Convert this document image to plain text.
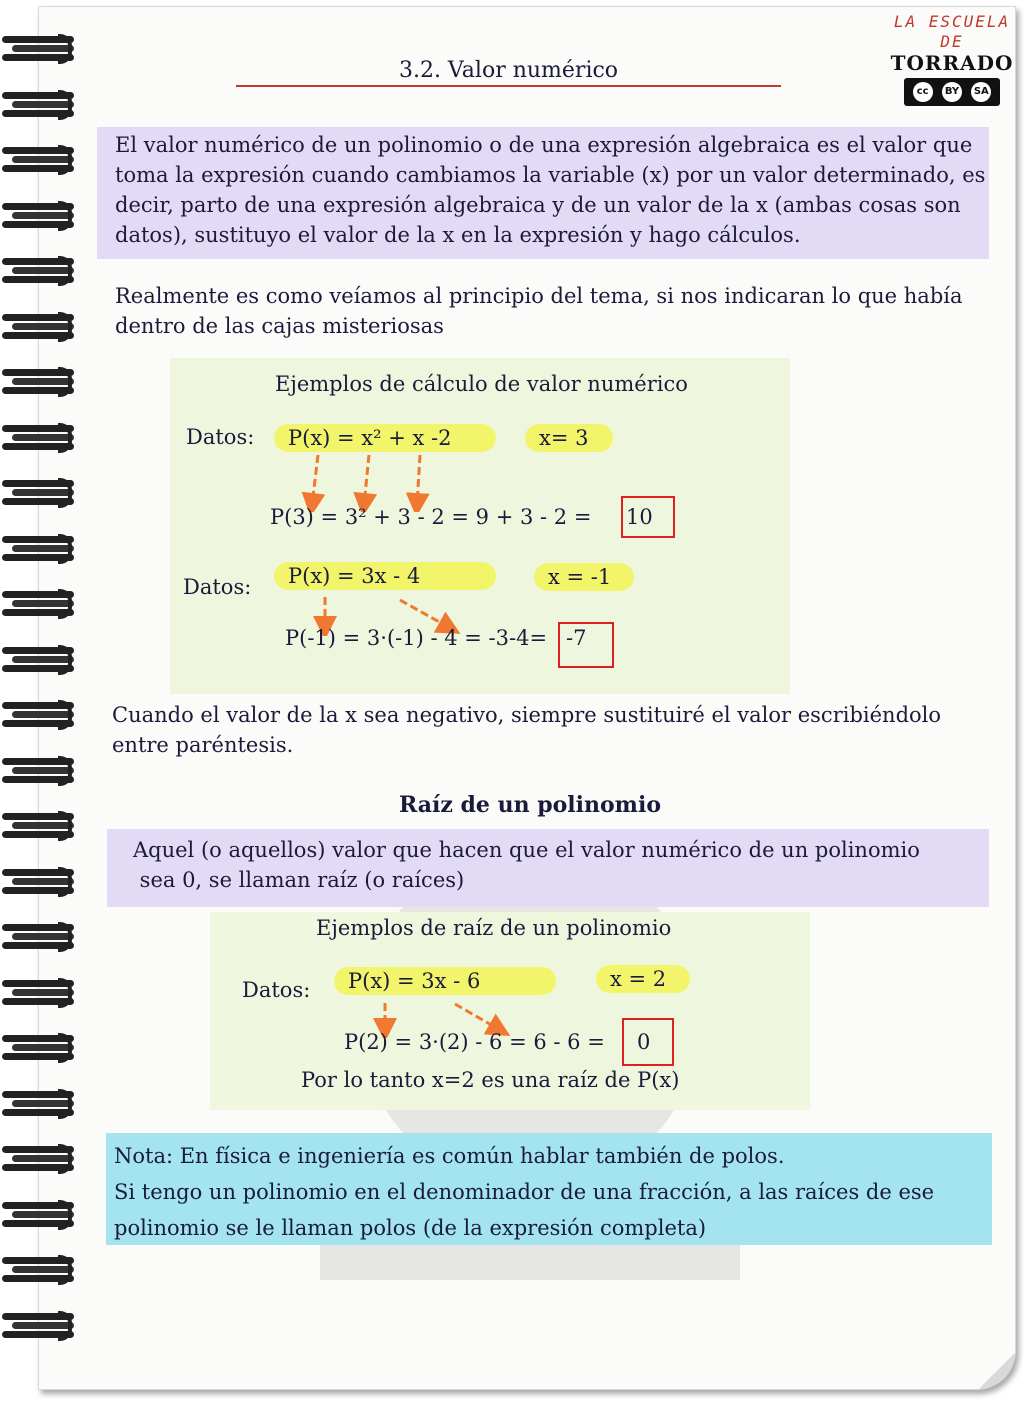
3.2. Valor numérico
LA ESCUELA
DE
TORRADO
cc	BY SA
El valor numérico de un polinomio o de una expresión algebraica es el valor que
toma la expresión cuando cambiamos la variable (x) por un valor determinado, es
decir, parto de una expresión algebraica y de un valor de la x (ambas cosas son
datos), sustituyo el valor de la x en la expresión y hago cálculos.
Realmente es como veíamos al principio del tema, si nos indicaran lo que había
dentro de las cajas misteriosas
Ejemplos de cálculo de valor numérico
Datos:	P(x) = x² + x -2	x= 3
P(3) = 3² + 3 - 2 = 9 + 3 - 2 = 10
Datos:	P(x) = 3x - 4	x = -1
P(-1) = 3·(-1) - 4 = -3-4= -7
Cuando el valor de la x sea negativo, siempre sustituiré el valor escribiéndolo
entre paréntesis.
Raíz de un polinomio
Aquel (o aquellos) valor que hacen que el valor numérico de un polinomio
sea 0, se llaman raíz (o raíces)
Ejemplos de raíz de un polinomio
Datos:	P(x) = 3x - 6	x = 2
P(2) = 3·(2) - 6 = 6 - 6 = 0
Por lo tanto x=2 es una raíz de P(x)
Nota: En física e ingeniería es común hablar también de polos.
Si tengo un polinomio en el denominador de una fracción, a las raíces de ese
polinomio se le llaman polos (de la expresión completa)
